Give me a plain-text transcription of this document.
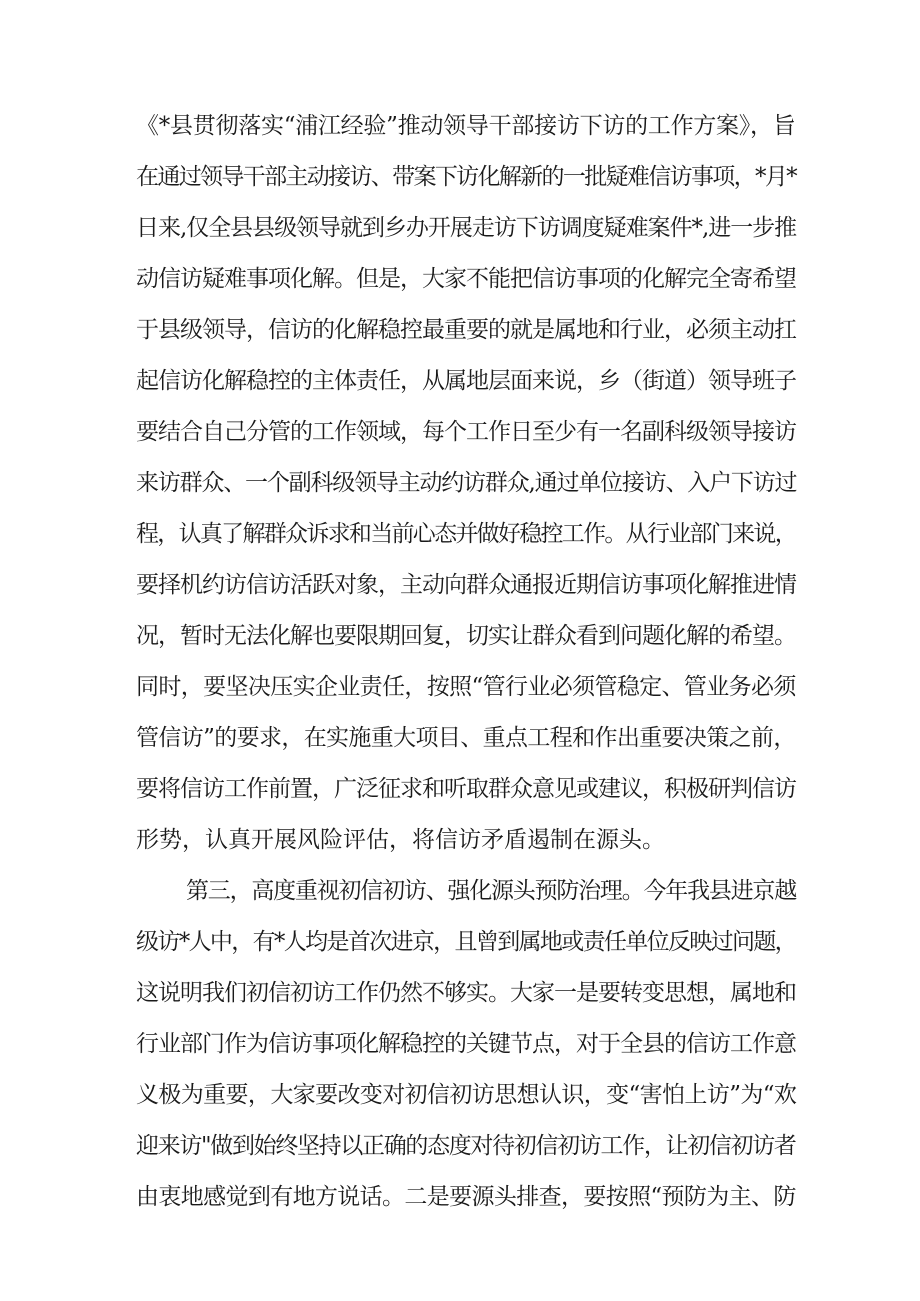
《*县贯彻落实“浦江经验”推动领导干部接访下访的工作方案》，旨
在通过领导干部主动接访、带案下访化解新的一批疑难信访事项，*月*
日来,仅全县县级领导就到乡办开展走访下访调度疑难案件*,进一步推
动信访疑难事项化解。但是，大家不能把信访事项的化解完全寄希望
于县级领导，信访的化解稳控最重要的就是属地和行业，必须主动扛
起信访化解稳控的主体责任，从属地层面来说，乡（街道）领导班子
要结合自己分管的工作领域，每个工作日至少有一名副科级领导接访
来访群众、一个副科级领导主动约访群众,通过单位接访、入户下访过
程，认真了解群众诉求和当前心态并做好稳控工作。从行业部门来说，
要择机约访信访活跃对象，主动向群众通报近期信访事项化解推进情
况，暂时无法化解也要限期回复，切实让群众看到问题化解的希望。
同时，要坚决压实企业责任，按照“管行业必须管稳定、管业务必须
管信访”的要求，在实施重大项目、重点工程和作出重要决策之前，
要将信访工作前置，广泛征求和听取群众意见或建议，积极研判信访
形势，认真开展风险评估，将信访矛盾遏制在源头。
第三，高度重视初信初访、强化源头预防治理。今年我县进京越
级访*人中，有*人均是首次进京，且曾到属地或责任单位反映过问题，
这说明我们初信初访工作仍然不够实。大家一是要转变思想，属地和
行业部门作为信访事项化解稳控的关键节点，对于全县的信访工作意
义极为重要，大家要改变对初信初访思想认识，变“害怕上访”为“欢
迎来访"做到始终坚持以正确的态度对待初信初访工作，让初信初访者
由衷地感觉到有地方说话。二是要源头排查，要按照“预防为主、防
